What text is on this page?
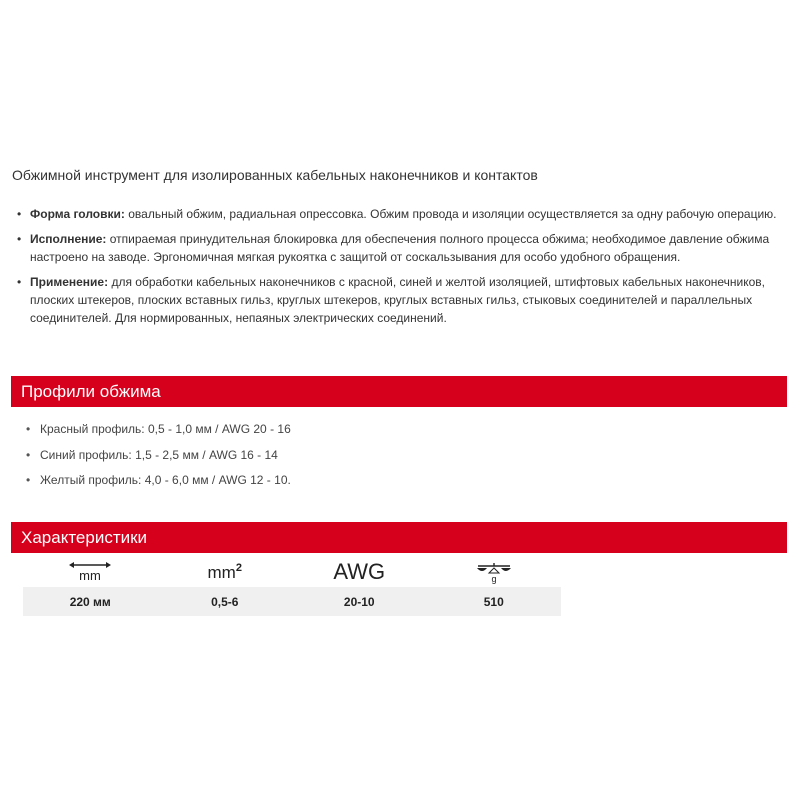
Обжимной инструмент для изолированных кабельных наконечников и контактов
• Форма головки: овальный обжим, радиальная опрессовка. Обжим провода и изоляции осуществляется за одну рабочую операцию.
• Исполнение: отпираемая принудительная блокировка для обеспечения полного процесса обжима; необходимое давление обжима настроено на заводе. Эргономичная мягкая рукоятка с защитой от соскальзывания для особо удобного обращения.
• Применение: для обработки кабельных наконечников с красной, синей и желтой изоляцией, штифтовых кабельных наконечников, плоских штекеров, плоских вставных гильз, круглых штекеров, круглых вставных гильз, стыковых соединителей и параллельных соединителей. Для нормированных, непаяных электрических соединений.
Профили обжима
• Красный профиль: 0,5 - 1,0 мм / AWG 20 - 16
• Синий профиль: 1,5 - 2,5 мм / AWG 16 - 14
• Желтый профиль: 4,0 - 6,0 мм / AWG 12 - 10.
Характеристики
mm	$mm^2$	AWG	g
220 мм	0,5-6	20-10	510
